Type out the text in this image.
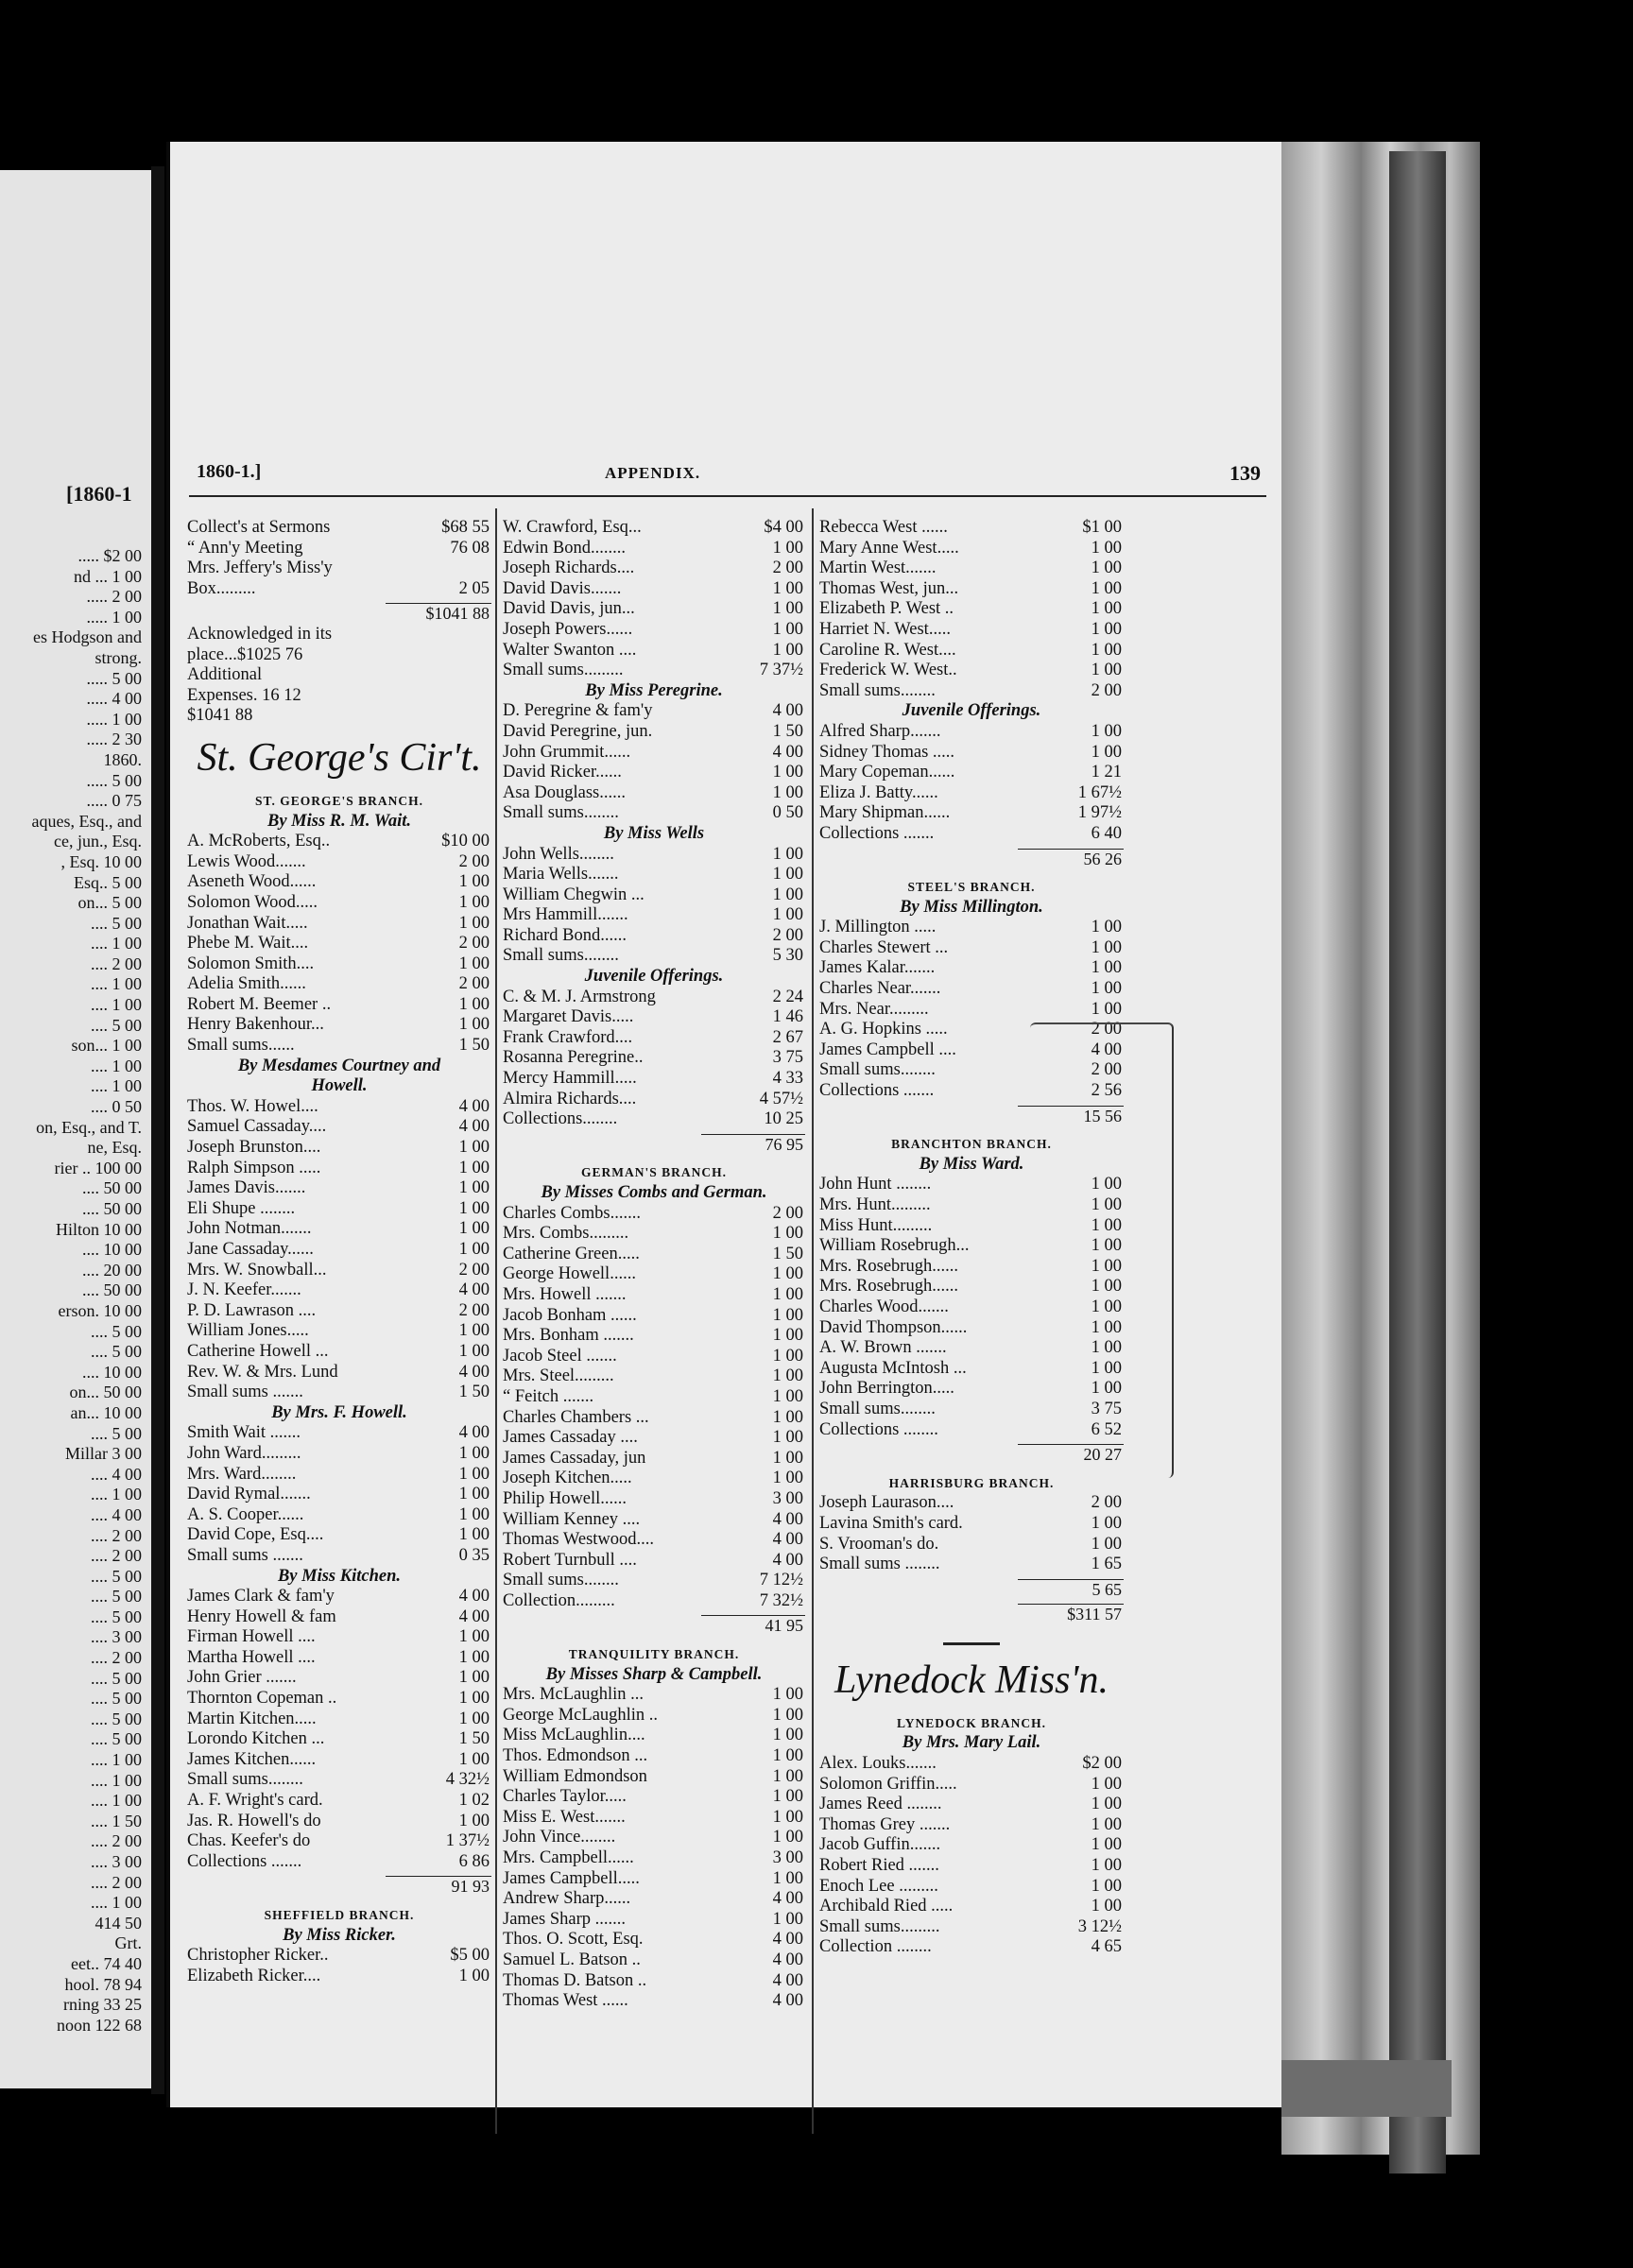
[1860-1
..... $2 00
nd ... 1 00
..... 2 00
..... 1 00
es Hodgson and
strong.
..... 5 00
..... 4 00
..... 1 00
..... 2 30
1860.
..... 5 00
..... 0 75
aques, Esq., and
ce, jun., Esq.
, Esq. 10 00
Esq.. 5 00
on... 5 00
.... 5 00
.... 1 00
.... 2 00
.... 1 00
.... 1 00
.... 5 00
son... 1 00
.... 1 00
.... 1 00
.... 0 50
on, Esq., and T.
ne, Esq.
rier .. 100 00
.... 50 00
.... 50 00
Hilton 10 00
.... 10 00
.... 20 00
.... 50 00
erson. 10 00
.... 5 00
.... 5 00
.... 10 00
on... 50 00
an... 10 00
.... 5 00
Millar 3 00
.... 4 00
.... 1 00
.... 4 00
.... 2 00
.... 2 00
.... 5 00
.... 5 00
.... 5 00
.... 3 00
.... 2 00
.... 5 00
.... 5 00
.... 5 00
.... 5 00
.... 1 00
.... 1 00
.... 1 00
.... 1 50
.... 2 00
.... 3 00
.... 2 00
.... 1 00
414 50
Grt.
eet.. 74 40
hool. 78 94
rning 33 25
noon 122 68
1860-1.]	APPENDIX.	139
Collect's at Sermons	$68 55
“ Ann'y Meeting	76 08
Mrs. Jeffery's Miss'y
Box.........	2 05
$1041 88
Acknowledged in its
place...$1025 76
Additional
Expenses. 16 12
$1041 88
St. George's Cir't.
ST. GEORGE'S BRANCH.
By Miss R. M. Wait.
A. McRoberts, Esq..	$10 00
Lewis Wood.......	2 00
Aseneth Wood......	1 00
Solomon Wood.....	1 00
Jonathan Wait.....	1 00
Phebe M. Wait....	2 00
Solomon Smith....	1 00
Adelia Smith......	2 00
Robert M. Beemer ..	1 00
Henry Bakenhour...	1 00
Small sums......	1 50
By Mesdames Courtney and
Howell.
Thos. W. Howel....	4 00
Samuel Cassaday....	4 00
Joseph Brunston....	1 00
Ralph Simpson .....	1 00
James Davis.......	1 00
Eli Shupe ........	1 00
John Notman.......	1 00
Jane Cassaday......	1 00
Mrs. W. Snowball...	2 00
J. N. Keefer.......	4 00
P. D. Lawrason ....	2 00
William Jones.....	1 00
Catherine Howell ...	1 00
Rev. W. & Mrs. Lund	4 00
Small sums .......	1 50
By Mrs. F. Howell.
Smith Wait .......	4 00
John Ward.........	1 00
Mrs. Ward........	1 00
David Rymal.......	1 00
A. S. Cooper......	1 00
David Cope, Esq....	1 00
Small sums .......	0 35
By Miss Kitchen.
James Clark & fam'y	4 00
Henry Howell & fam	4 00
Firman Howell ....	1 00
Martha Howell ....	1 00
John Grier .......	1 00
Thornton Copeman ..	1 00
Martin Kitchen.....	1 00
Lorondo Kitchen ...	1 50
James Kitchen......	1 00
Small sums........	4 32½
A. F. Wright's card.	1 02
Jas. R. Howell's do	1 00
Chas. Keefer's do	1 37½
Collections .......	6 86
91 93
SHEFFIELD BRANCH.
By Miss Ricker.
Christopher Ricker..	$5 00
Elizabeth Ricker....	1 00
W. Crawford, Esq...	$4 00
Edwin Bond........	1 00
Joseph Richards....	2 00
David Davis.......	1 00
David Davis, jun...	1 00
Joseph Powers......	1 00
Walter Swanton ....	1 00
Small sums.........	7 37½
By Miss Peregrine.
D. Peregrine & fam'y	4 00
David Peregrine, jun.	1 50
John Grummit......	4 00
David Ricker......	1 00
Asa Douglass......	1 00
Small sums........	0 50
By Miss Wells
John Wells........	1 00
Maria Wells.......	1 00
William Chegwin ...	1 00
Mrs Hammill.......	1 00
Richard Bond......	2 00
Small sums........	5 30
Juvenile Offerings.
C. & M. J. Armstrong	2 24
Margaret Davis.....	1 46
Frank Crawford....	2 67
Rosanna Peregrine..	3 75
Mercy Hammill.....	4 33
Almira Richards....	4 57½
Collections........	10 25
76 95
GERMAN'S BRANCH.
By Misses Combs and German.
Charles Combs.......	2 00
Mrs. Combs.........	1 00
Catherine Green.....	1 50
George Howell......	1 00
Mrs. Howell .......	1 00
Jacob Bonham ......	1 00
Mrs. Bonham .......	1 00
Jacob Steel .......	1 00
Mrs. Steel.........	1 00
“ Feitch .......	1 00
Charles Chambers ...	1 00
James Cassaday ....	1 00
James Cassaday, jun	1 00
Joseph Kitchen.....	1 00
Philip Howell......	3 00
William Kenney ....	4 00
Thomas Westwood....	4 00
Robert Turnbull ....	4 00
Small sums........	7 12½
Collection.........	7 32½
41 95
TRANQUILITY BRANCH.
By Misses Sharp & Campbell.
Mrs. McLaughlin ...	1 00
George McLaughlin ..	1 00
Miss McLaughlin....	1 00
Thos. Edmondson ...	1 00
William Edmondson	1 00
Charles Taylor.....	1 00
Miss E. West.......	1 00
John Vince........	1 00
Mrs. Campbell......	3 00
James Campbell.....	1 00
Andrew Sharp......	4 00
James Sharp .......	1 00
Thos. O. Scott, Esq.	4 00
Samuel L. Batson ..	4 00
Thomas D. Batson ..	4 00
Thomas West ......	4 00
Rebecca West ......	$1 00
Mary Anne West.....	1 00
Martin West.......	1 00
Thomas West, jun...	1 00
Elizabeth P. West ..	1 00
Harriet N. West.....	1 00
Caroline R. West....	1 00
Frederick W. West..	1 00
Small sums........	2 00
Juvenile Offerings.
Alfred Sharp.......	1 00
Sidney Thomas .....	1 00
Mary Copeman......	1 21
Eliza J. Batty......	1 67½
Mary Shipman......	1 97½
Collections .......	6 40
56 26
STEEL'S BRANCH.
By Miss Millington.
J. Millington .....	1 00
Charles Stewert ...	1 00
James Kalar.......	1 00
Charles Near.......	1 00
Mrs. Near.........	1 00
A. G. Hopkins .....	2 00
James Campbell ....	4 00
Small sums........	2 00
Collections .......	2 56
15 56
BRANCHTON BRANCH.
By Miss Ward.
John Hunt ........	1 00
Mrs. Hunt.........	1 00
Miss Hunt.........	1 00
William Rosebrugh...	1 00
Mrs. Rosebrugh......	1 00
Mrs. Rosebrugh......	1 00
Charles Wood.......	1 00
David Thompson......	1 00
A. W. Brown .......	1 00
Augusta McIntosh ...	1 00
John Berrington.....	1 00
Small sums........	3 75
Collections ........	6 52
20 27
HARRISBURG BRANCH.
Joseph Laurason....	2 00
Lavina Smith's card.	1 00
S. Vrooman's do.	1 00
Small sums ........	1 65
5 65
$311 57
Lynedock Miss'n.
LYNEDOCK BRANCH.
By Mrs. Mary Lail.
Alex. Louks.......	$2 00
Solomon Griffin.....	1 00
James Reed ........	1 00
Thomas Grey .......	1 00
Jacob Guffin.......	1 00
Robert Ried .......	1 00
Enoch Lee .........	1 00
Archibald Ried .....	1 00
Small sums.........	3 12½
Collection ........	4 65
